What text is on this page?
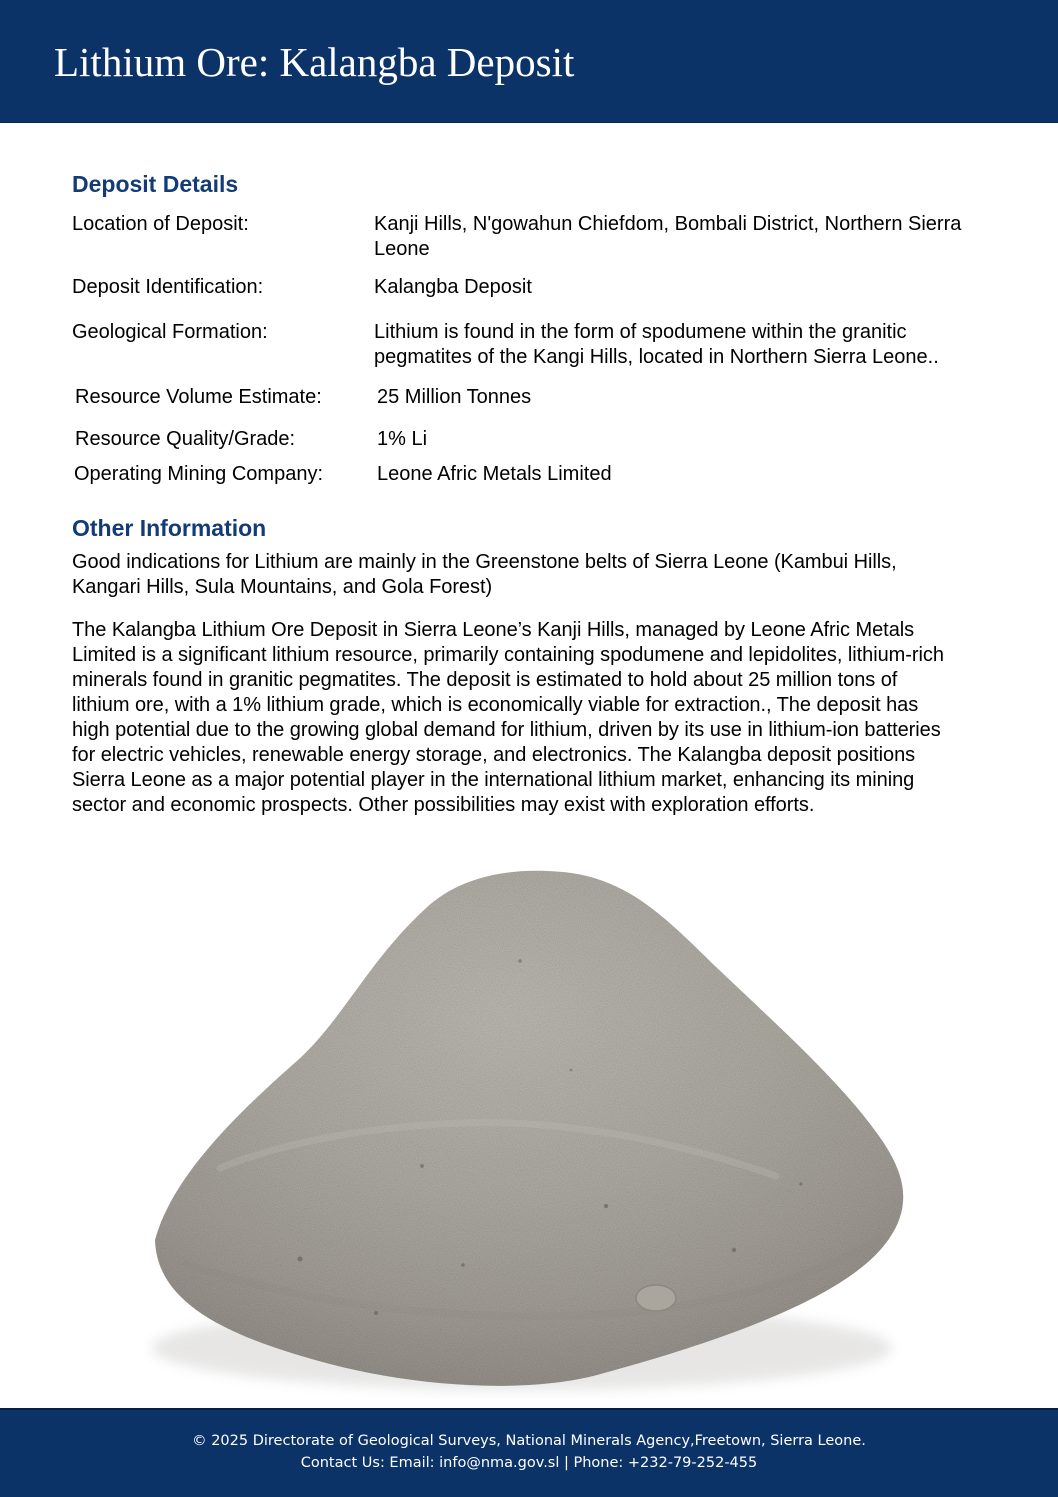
Lithium Ore: Kalangba Deposit
Deposit Details
Location of Deposit:	Kanji Hills, N'gowahun Chiefdom, Bombali District, Northern Sierra Leone
Deposit Identification:	Kalangba Deposit
Geological Formation:	Lithium is found in the form of spodumene within the granitic pegmatites of the Kangi Hills, located in Northern Sierra Leone..
Resource Volume Estimate:	25 Million Tonnes
Resource Quality/Grade:	1% Li
Operating Mining Company:	Leone Afric Metals Limited
Other Information

Good indications for Lithium are mainly in the Greenstone belts of Sierra Leone (Kambui Hills,
Kangari Hills, Sula Mountains, and Gola Forest)

The Kalangba Lithium Ore Deposit in Sierra Leone’s Kanji Hills, managed by Leone Afric Metals
Limited is a significant lithium resource, primarily containing spodumene and lepidolites, lithium-rich
minerals found in granitic pegmatites. The deposit is estimated to hold about 25 million tons of
lithium ore, with a 1% lithium grade, which is economically viable for extraction., The deposit has
high potential due to the growing global demand for lithium, driven by its use in lithium-ion batteries
for electric vehicles, renewable energy storage, and electronics. The Kalangba deposit positions
Sierra Leone as a major potential player in the international lithium market, enhancing its mining
sector and economic prospects. Other possibilities may exist with exploration efforts.

© 2025 Directorate of Geological Surveys, National Minerals Agency,Freetown, Sierra Leone.
Contact Us: Email: info@nma.gov.sl | Phone: +232-79-252-455
